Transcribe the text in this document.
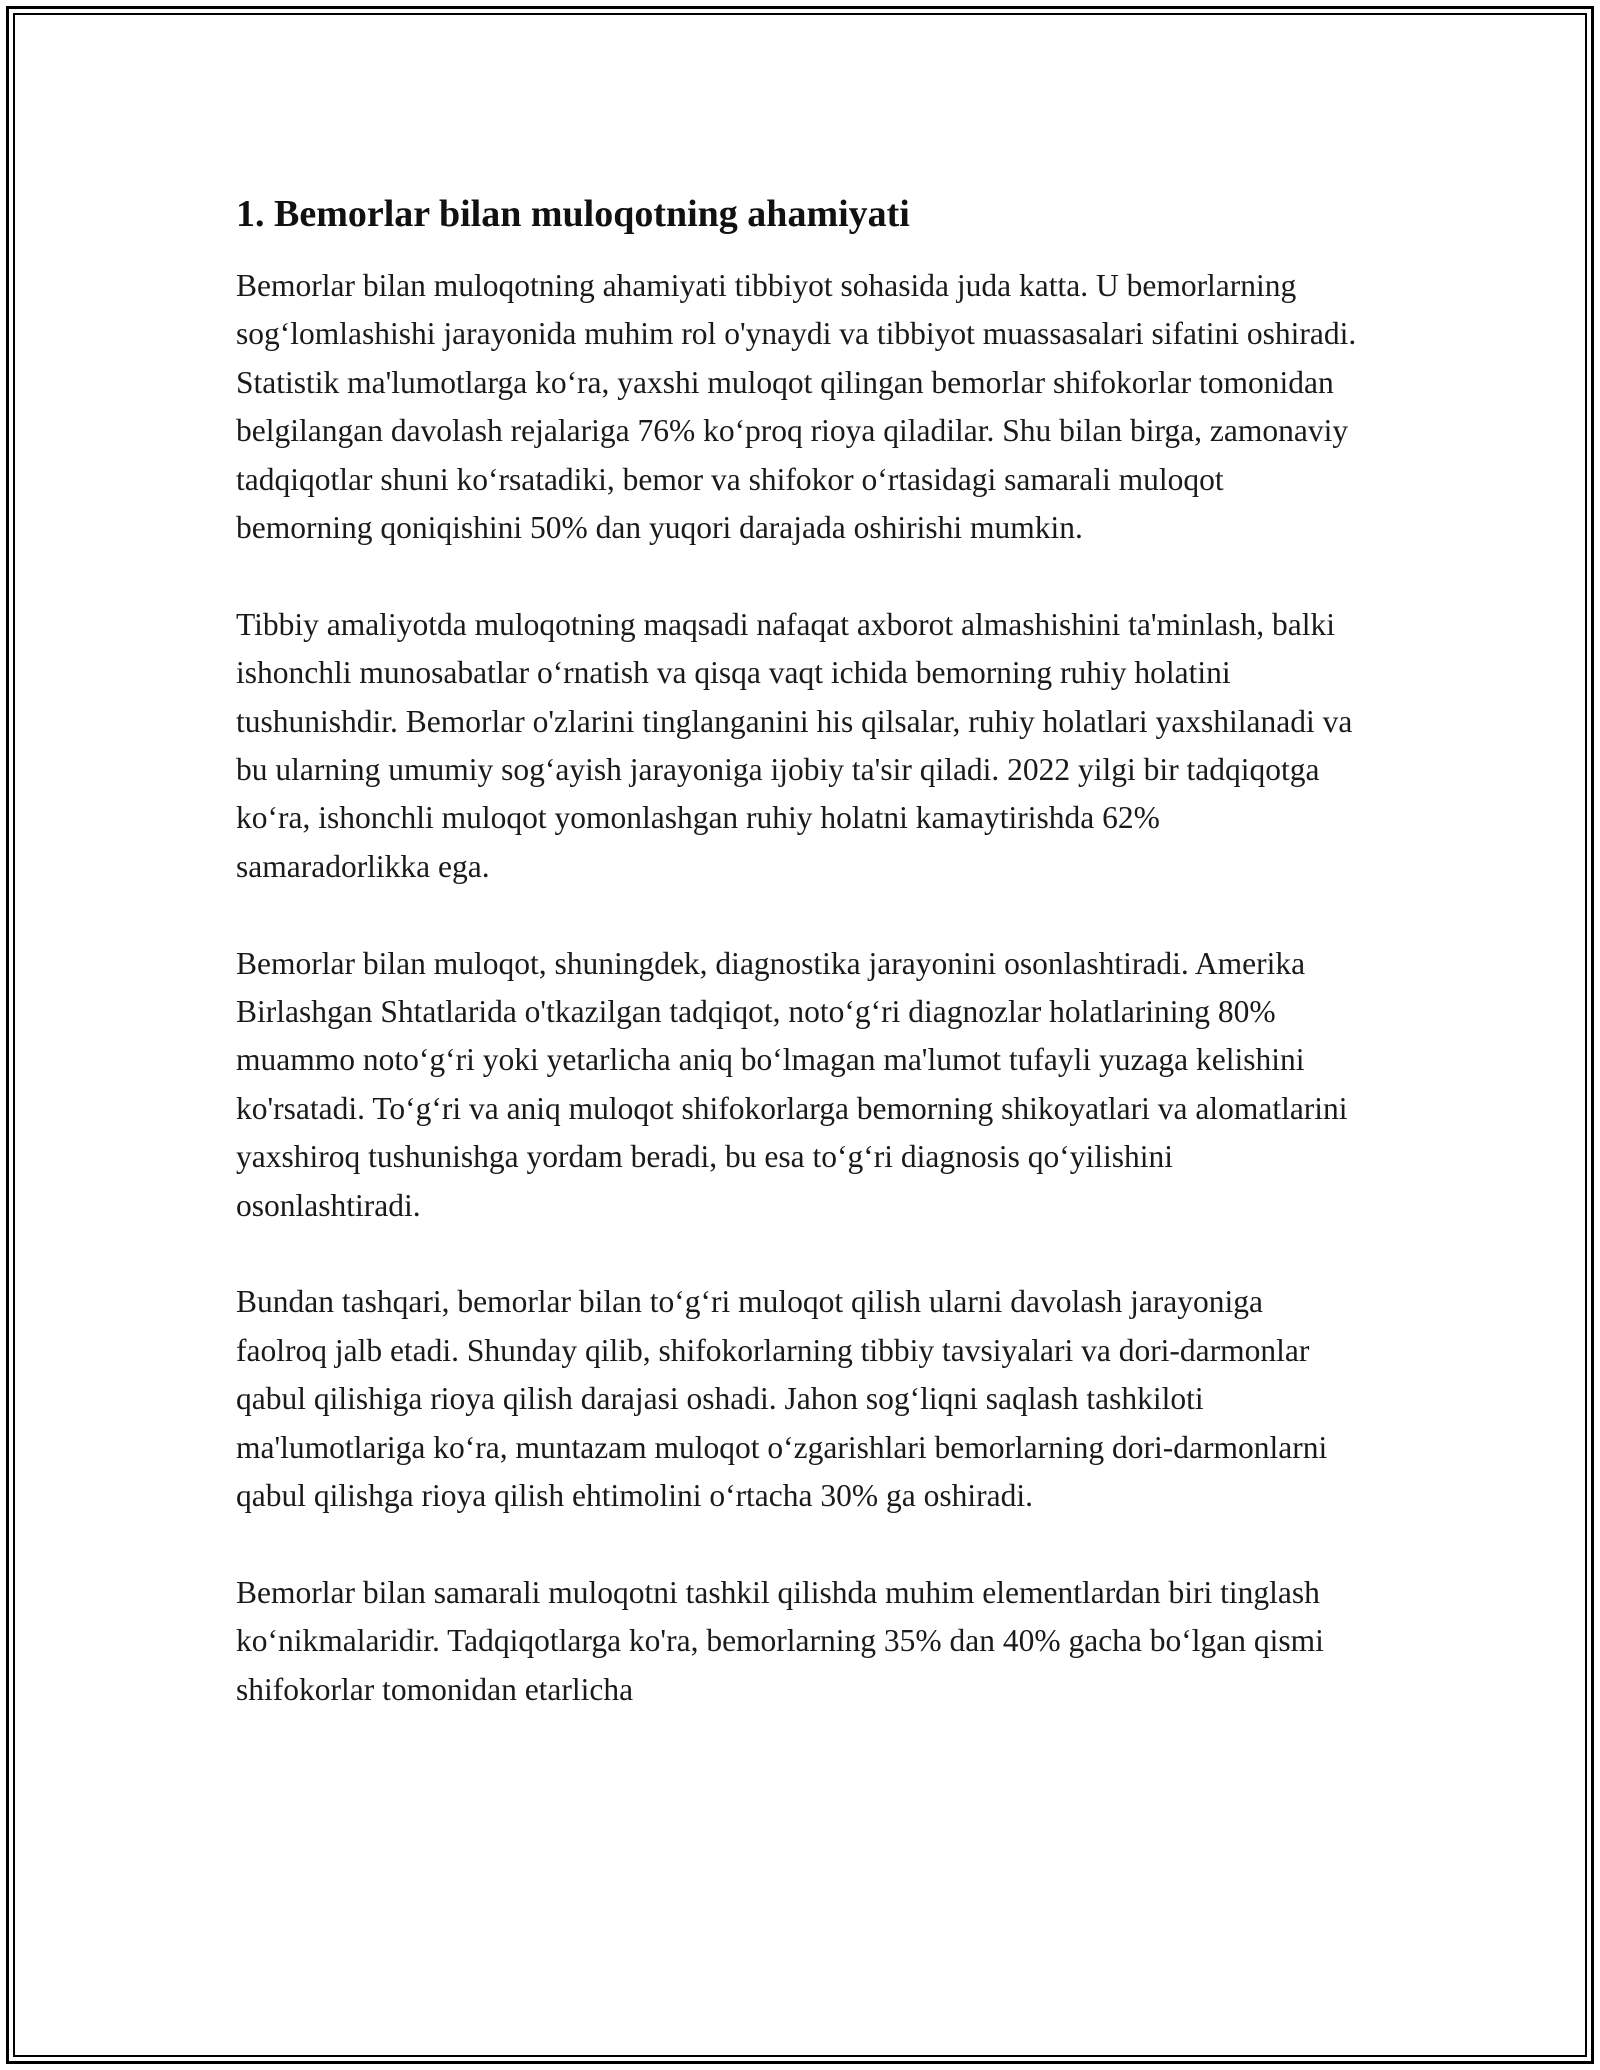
1. Bemorlar bilan muloqotning ahamiyati

Bemorlar bilan muloqotning ahamiyati tibbiyot sohasida juda katta. U bemorlarning sog‘lomlashishi jarayonida muhim rol o'ynaydi va tibbiyot muassasalari sifatini oshiradi. Statistik ma'lumotlarga ko‘ra, yaxshi muloqot qilingan bemorlar shifokorlar tomonidan belgilangan davolash rejalariga 76% ko‘proq rioya qiladilar. Shu bilan birga, zamonaviy tadqiqotlar shuni ko‘rsatadiki, bemor va shifokor o‘rtasidagi samarali muloqot bemorning qoniqishini 50% dan yuqori darajada oshirishi mumkin.

Tibbiy amaliyotda muloqotning maqsadi nafaqat axborot almashishini ta'minlash, balki ishonchli munosabatlar o‘rnatish va qisqa vaqt ichida bemorning ruhiy holatini tushunishdir. Bemorlar o'zlarini tinglanganini his qilsalar, ruhiy holatlari yaxshilanadi va bu ularning umumiy sog‘ayish jarayoniga ijobiy ta'sir qiladi. 2022 yilgi bir tadqiqotga ko‘ra, ishonchli muloqot yomonlashgan ruhiy holatni kamaytirishda 62% samaradorlikka ega.

Bemorlar bilan muloqot, shuningdek, diagnostika jarayonini osonlashtiradi. Amerika Birlashgan Shtatlarida o'tkazilgan tadqiqot, noto‘g‘ri diagnozlar holatlarining 80% muammo noto‘g‘ri yoki yetarlicha aniq bo‘lmagan ma'lumot tufayli yuzaga kelishini ko'rsatadi. To‘g‘ri va aniq muloqot shifokorlarga bemorning shikoyatlari va alomatlarini yaxshiroq tushunishga yordam beradi, bu esa to‘g‘ri diagnosis qo‘yilishini osonlashtiradi.

Bundan tashqari, bemorlar bilan to‘g‘ri muloqot qilish ularni davolash jarayoniga faolroq jalb etadi. Shunday qilib, shifokorlarning tibbiy tavsiyalari va dori-darmonlar qabul qilishiga rioya qilish darajasi oshadi. Jahon sog‘liqni saqlash tashkiloti ma'lumotlariga ko‘ra, muntazam muloqot o‘zgarishlari bemorlarning dori-darmonlarni qabul qilishga rioya qilish ehtimolini o‘rtacha 30% ga oshiradi.

Bemorlar bilan samarali muloqotni tashkil qilishda muhim elementlardan biri tinglash ko‘nikmalaridir. Tadqiqotlarga ko'ra, bemorlarning 35% dan 40% gacha bo‘lgan qismi shifokorlar tomonidan etarlicha
